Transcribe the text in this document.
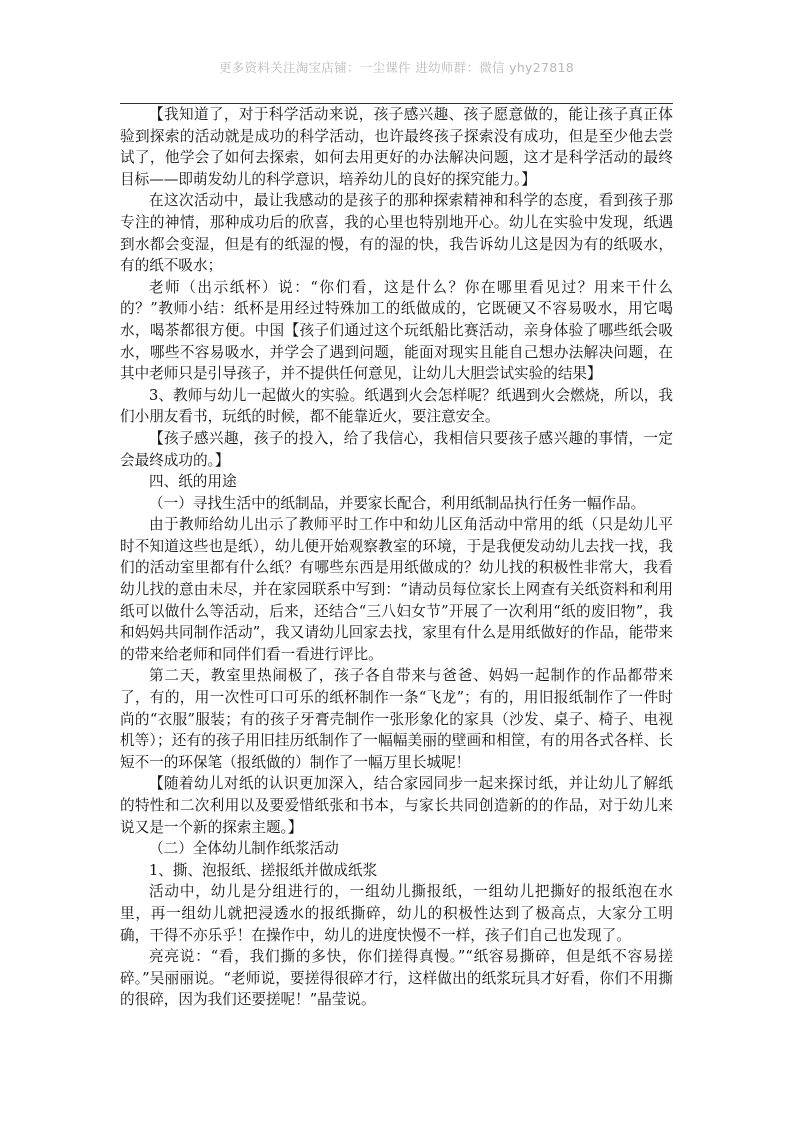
更多资料关注淘宝店铺：一尘课件 进幼师群：微信 yhy27818

【我知道了，对于科学活动来说，孩子感兴趣、孩子愿意做的，能让孩子真正体验到探索的活动就是成功的科学活动，也许最终孩子探索没有成功，但是至少他去尝试了，他学会了如何去探索，如何去用更好的办法解决问题，这才是科学活动的最终目标——即萌发幼儿的科学意识，培养幼儿的良好的探究能力。】

在这次活动中，最让我感动的是孩子的那种探索精神和科学的态度，看到孩子那专注的神情，那种成功后的欣喜，我的心里也特别地开心。幼儿在实验中发现，纸遇到水都会变湿，但是有的纸湿的慢，有的湿的快，我告诉幼儿这是因为有的纸吸水，有的纸不吸水；

老师（出示纸杯）说：“你们看，这是什么？你在哪里看见过？用来干什么的？”教师小结：纸杯是用经过特殊加工的纸做成的，它既硬又不容易吸水，用它喝水，喝茶都很方便。中国【孩子们通过这个玩纸船比赛活动，亲身体验了哪些纸会吸水，哪些不容易吸水，并学会了遇到问题，能面对现实且能自己想办法解决问题，在其中老师只是引导孩子，并不提供任何意见，让幼儿大胆尝试实验的结果】

3、教师与幼儿一起做火的实验。纸遇到火会怎样呢？纸遇到火会燃烧，所以，我们小朋友看书，玩纸的时候，都不能靠近火，要注意安全。

【孩子感兴趣，孩子的投入，给了我信心，我相信只要孩子感兴趣的事情，一定会最终成功的。】

四、纸的用途

（一）寻找生活中的纸制品，并要家长配合，利用纸制品执行任务一幅作品。

由于教师给幼儿出示了教师平时工作中和幼儿区角活动中常用的纸（只是幼儿平时不知道这些也是纸），幼儿便开始观察教室的环境，于是我便发动幼儿去找一找，我们的活动室里都有什么纸？有哪些东西是用纸做成的？幼儿找的积极性非常大，我看幼儿找的意由未尽，并在家园联系中写到：“请动员每位家长上网查有关纸资料和利用纸可以做什么等活动，后来，还结合“三八妇女节”开展了一次利用“纸的废旧物”，我和妈妈共同制作活动”，我又请幼儿回家去找，家里有什么是用纸做好的作品，能带来的带来给老师和同伴们看一看进行评比。

第二天，教室里热闹极了，孩子各自带来与爸爸、妈妈一起制作的作品都带来了，有的，用一次性可口可乐的纸杯制作一条“飞龙”；有的，用旧报纸制作了一件时尚的“衣服”服装；有的孩子牙膏壳制作一张形象化的家具（沙发、桌子、椅子、电视机等）；还有的孩子用旧挂历纸制作了一幅幅美丽的壁画和相筐，有的用各式各样、长短不一的环保笔（报纸做的）制作了一幅万里长城呢！

【随着幼儿对纸的认识更加深入，结合家园同步一起来探讨纸，并让幼儿了解纸的特性和二次利用以及要爱惜纸张和书本，与家长共同创造新的的作品，对于幼儿来说又是一个新的探索主题。】

（二）全体幼儿制作纸浆活动

1、撕、泡报纸、搓报纸并做成纸浆

活动中，幼儿是分组进行的，一组幼儿撕报纸，一组幼儿把撕好的报纸泡在水里，再一组幼儿就把浸透水的报纸撕碎，幼儿的积极性达到了极高点，大家分工明确，干得不亦乐乎！在操作中，幼儿的进度快慢不一样，孩子们自己也发现了。

亮亮说：“看，我们撕的多快，你们搓得真慢。”“纸容易撕碎，但是纸不容易搓碎。”吴丽丽说。“老师说，要搓得很碎才行，这样做出的纸浆玩具才好看，你们不用撕的很碎，因为我们还要搓呢！”晶莹说。
